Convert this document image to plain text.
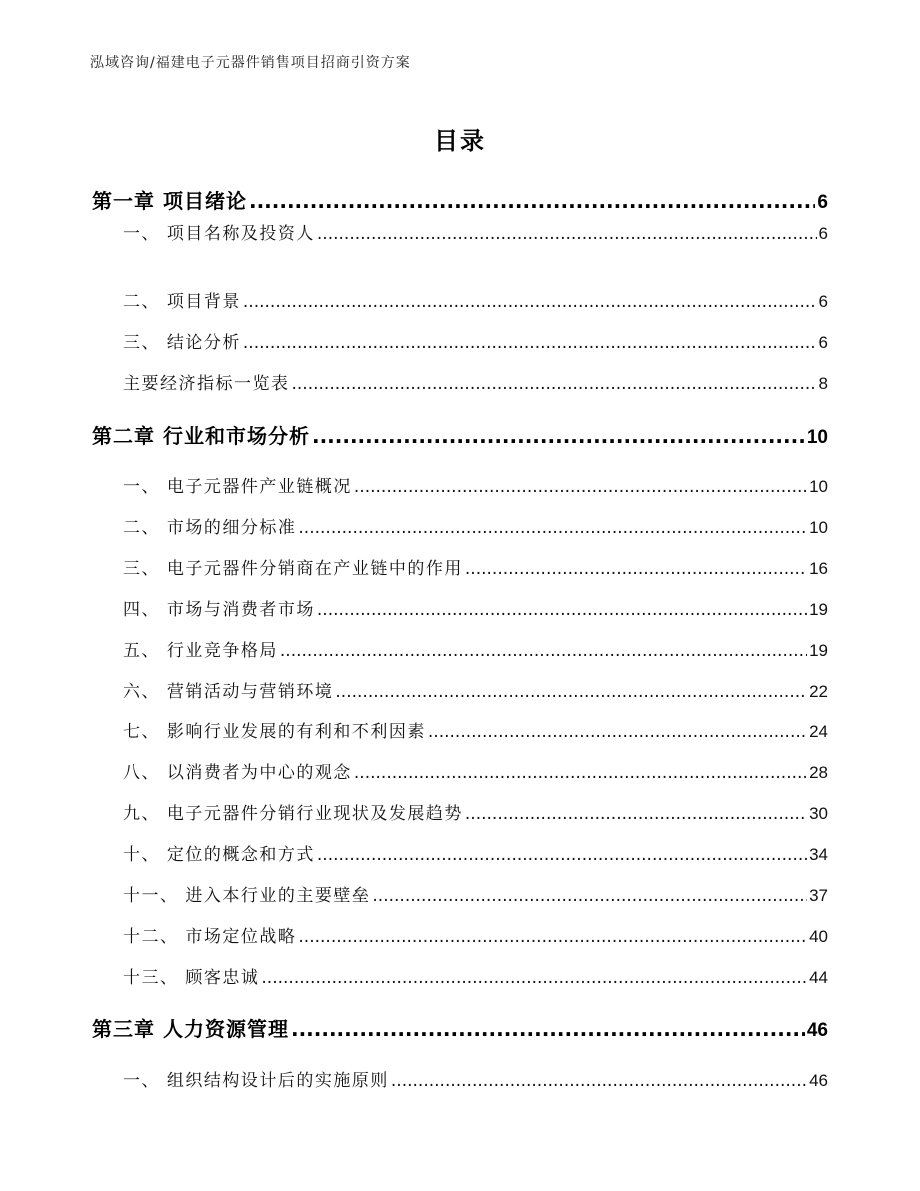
泓域咨询/福建电子元器件销售项目招商引资方案
目录
第一章 项目绪论 .....	6
一、 项目名称及投资人 .....	6
二、 项目背景 .....	6
三、 结论分析 .....	6
主要经济指标一览表 .....	8
第二章 行业和市场分析 .....	10
一、 电子元器件产业链概况 .....	10
二、 市场的细分标准 .....	10
三、 电子元器件分销商在产业链中的作用 .....	16
四、 市场与消费者市场 .....	19
五、 行业竞争格局 .....	19
六、 营销活动与营销环境 .....	22
七、 影响行业发展的有利和不利因素 .....	24
八、 以消费者为中心的观念 .....	28
九、 电子元器件分销行业现状及发展趋势 .....	30
十、 定位的概念和方式 .....	34
十一、 进入本行业的主要壁垒 .....	37
十二、 市场定位战略 .....	40
十三、 顾客忠诚 .....	44
第三章 人力资源管理 .....	46
一、 组织结构设计后的实施原则 .....	46
